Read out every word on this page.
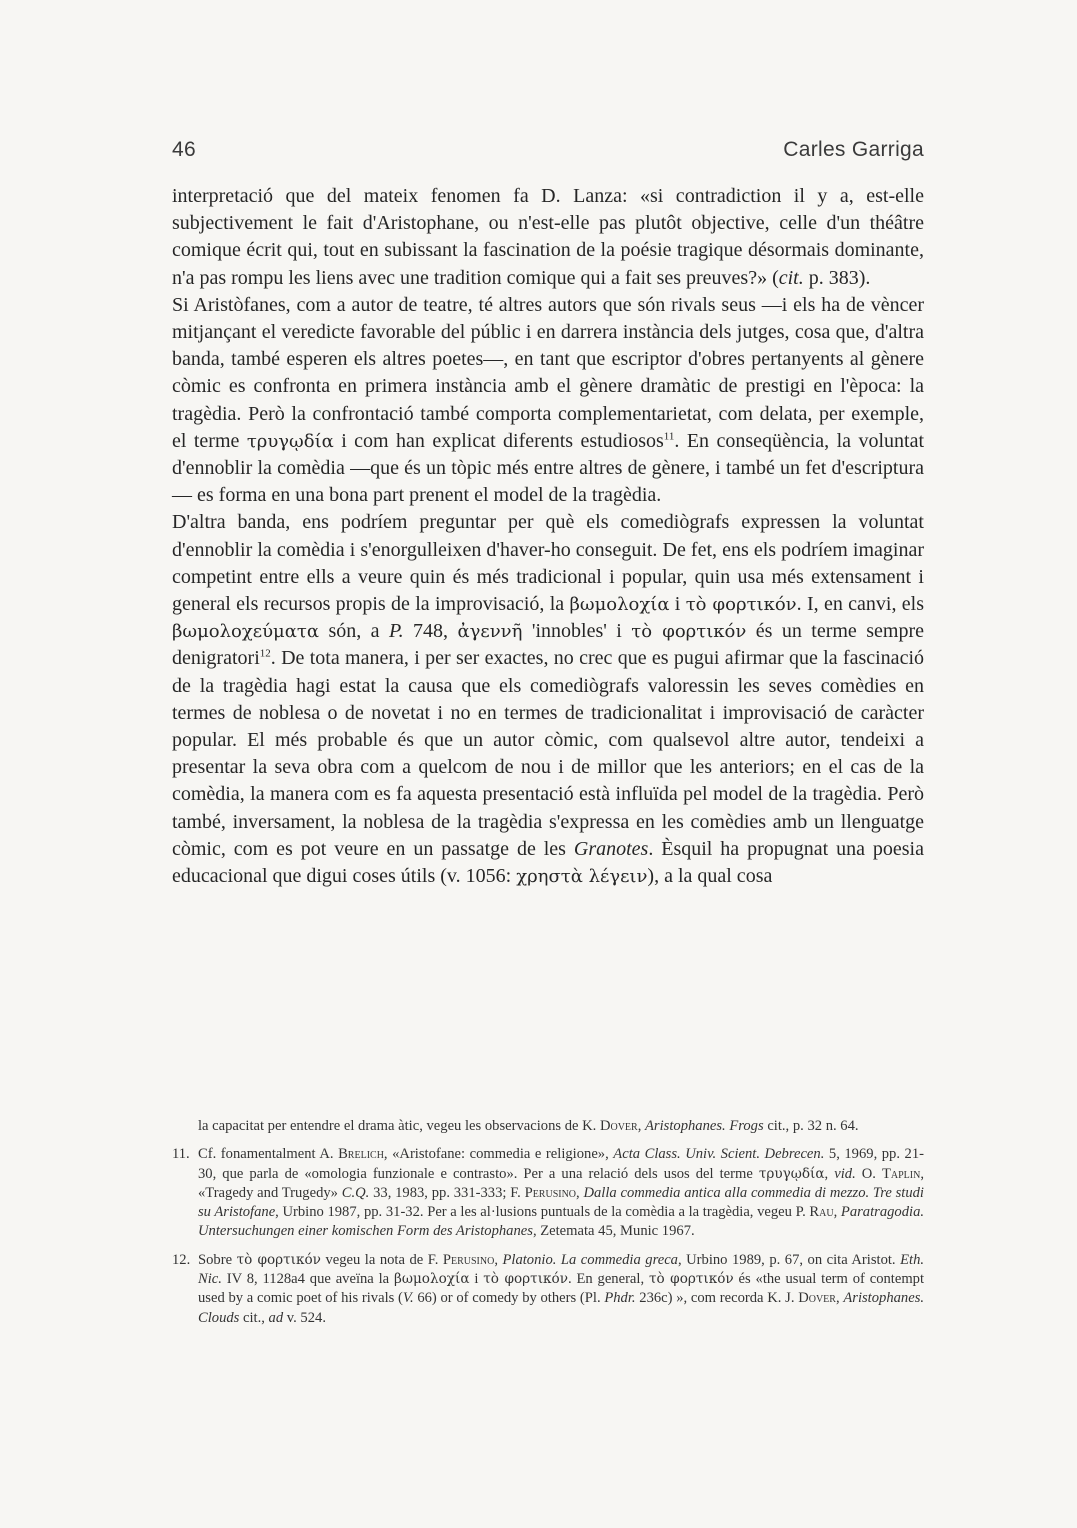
46	Carles Garriga

interpretació que del mateix fenomen fa D. Lanza: «si contradiction il y a, est-elle subjectivement le fait d'Aristophane, ou n'est-elle pas plutôt objective, celle d'un théâtre comique écrit qui, tout en subissant la fascination de la poésie tragique désormais dominante, n'a pas rompu les liens avec une tradition comique qui a fait ses preuves?» (cit. p. 383).

Si Aristòfanes, com a autor de teatre, té altres autors que són rivals seus —i els ha de vèncer mitjançant el veredicte favorable del públic i en darrera instància dels jutges, cosa que, d'altra banda, també esperen els altres poetes—, en tant que escriptor d'obres pertanyents al gènere còmic es confronta en primera instància amb el gènere dramàtic de prestigi en l'època: la tragèdia. Però la confrontació també comporta complementarietat, com delata, per exemple, el terme τρυγῳδία i com han explicat diferents estudiosos$^{11}$. En conseqüència, la voluntat d'ennoblir la comèdia —que és un tòpic més entre altres de gènere, i també un fet d'escriptura— es forma en una bona part prenent el model de la tragèdia.

D'altra banda, ens podríem preguntar per què els comediògrafs expressen la voluntat d'ennoblir la comèdia i s'enorgulleixen d'haver-ho conseguit. De fet, ens els podríem imaginar competint entre ells a veure quin és més tradicional i popular, quin usa més extensament i general els recursos propis de la improvisació, la βωμολοχία i τὸ φορτικόν. I, en canvi, els βωμολοχεύματα són, a P. 748, ἀγεννῆ 'innobles' i τὸ φορτικόν és un terme sempre denigratori$^{12}$. De tota manera, i per ser exactes, no crec que es pugui afirmar que la fascinació de la tragèdia hagi estat la causa que els comediògrafs valoressin les seves comèdies en termes de noblesa o de novetat i no en termes de tradicionalitat i improvisació de caràcter popular. El més probable és que un autor còmic, com qualsevol altre autor, tendeixi a presentar la seva obra com a quelcom de nou i de millor que les anteriors; en el cas de la comèdia, la manera com es fa aquesta presentació està influïda pel model de la tragèdia. Però també, inversament, la noblesa de la tragèdia s'expressa en les comèdies amb un llenguatge còmic, com es pot veure en un passatge de les Granotes. Èsquil ha propugnat una poesia educacional que digui coses útils (v. 1056: χρηστὰ λέγειν), a la qual cosa

la capacitat per entendre el drama àtic, vegeu les observacions de K. Dover, Aristophanes. Frogs cit., p. 32 n. 64.
11. Cf. fonamentalment A. Brelich, «Aristofane: commedia e religione», Acta Class. Univ. Scient. Debrecen. 5, 1969, pp. 21-30, que parla de «omologia funzionale e contrasto». Per a una relació dels usos del terme τρυγῳδία, vid. O. Taplin, «Tragedy and Trugedy» C.Q. 33, 1983, pp. 331-333; F. Perusino, Dalla commedia antica alla commedia di mezzo. Tre studi su Aristofane, Urbino 1987, pp. 31-32. Per a les al·lusions puntuals de la comèdia a la tragèdia, vegeu P. Rau, Paratragodia. Untersuchungen einer komischen Form des Aristophanes, Zetemata 45, Munic 1967.
12. Sobre τὸ φορτικόν vegeu la nota de F. Perusino, Platonio. La commedia greca, Urbino 1989, p. 67, on cita Aristot. Eth. Nic. IV 8, 1128a4 que aveïna la βωμολοχία i τὸ φορτικόν. En general, τὸ φορτικόν és «the usual term of contempt used by a comic poet of his rivals (V. 66) or of comedy by others (Pl. Phdr. 236c) », com recorda K. J. Dover, Aristophanes. Clouds cit., ad v. 524.
